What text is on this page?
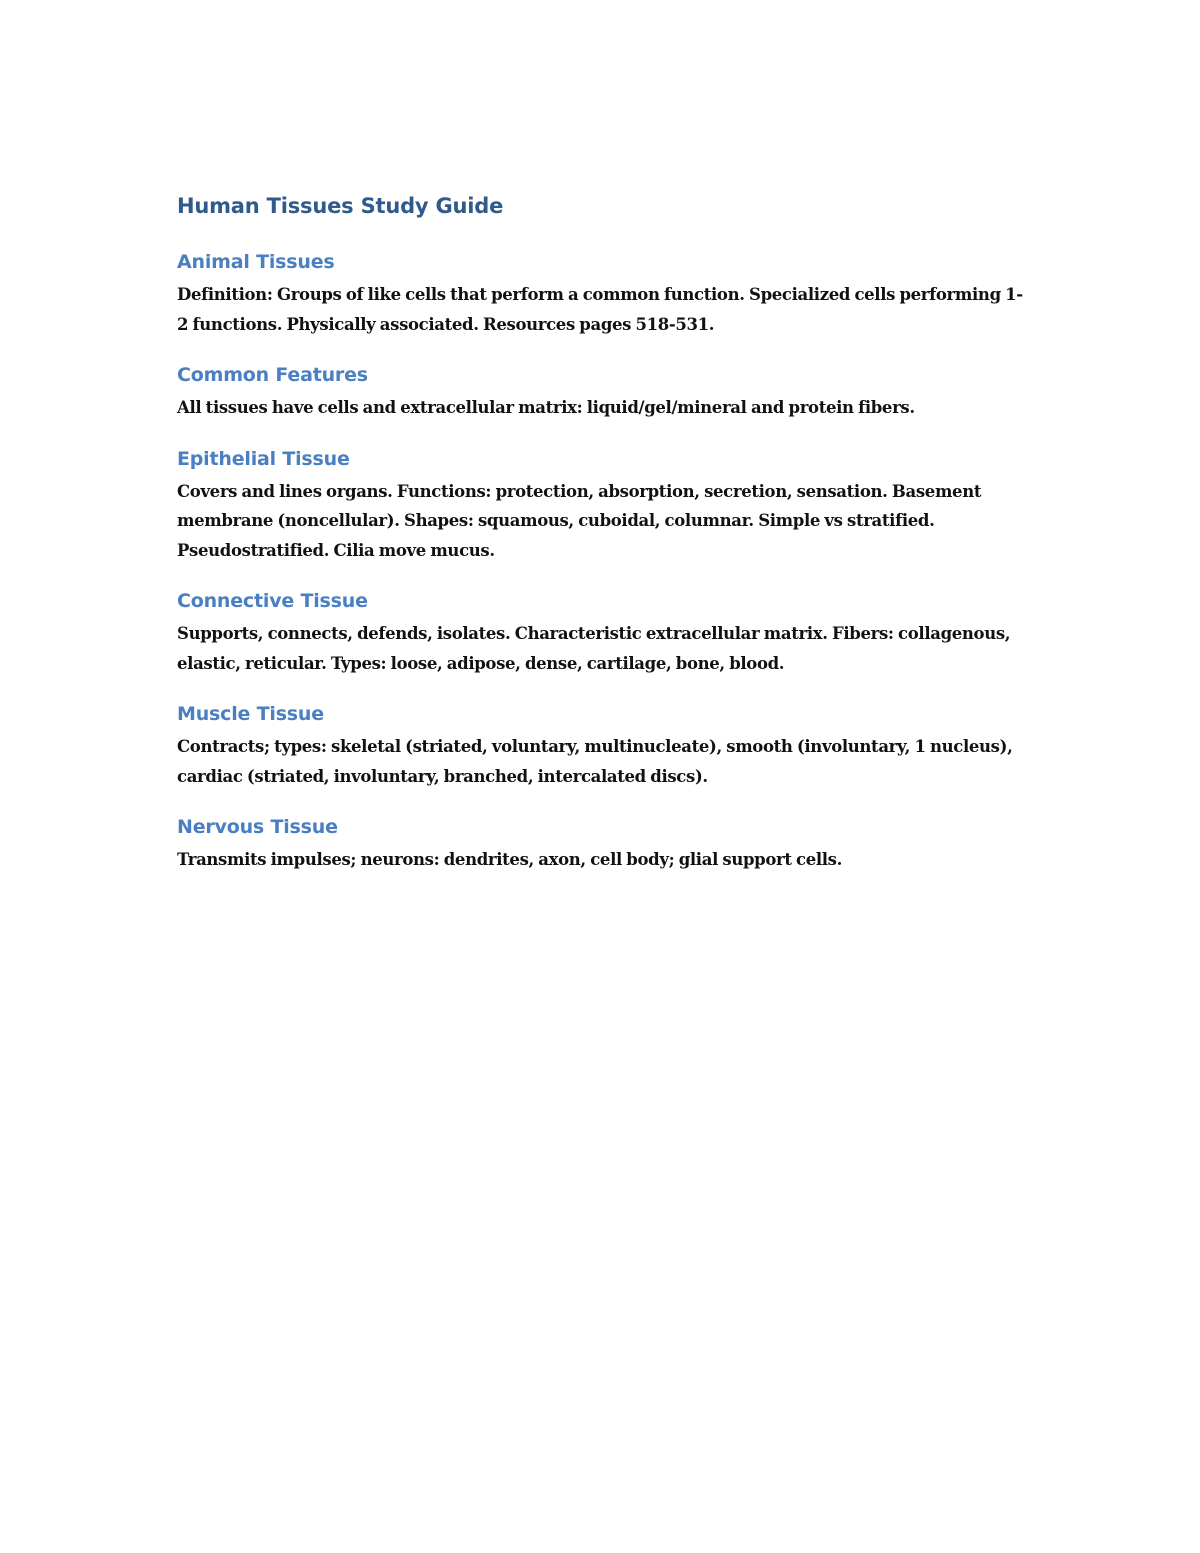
Human Tissues Study Guide
Animal Tissues

Definition: Groups of like cells that perform a common function. Specialized cells performing 1-2 functions. Physically associated. Resources pages 518-531.

Common Features

All tissues have cells and extracellular matrix: liquid/gel/mineral and protein fibers.

Epithelial Tissue

Covers and lines organs. Functions: protection, absorption, secretion, sensation. Basement membrane (noncellular). Shapes: squamous, cuboidal, columnar. Simple vs stratified. Pseudostratified. Cilia move mucus.

Connective Tissue

Supports, connects, defends, isolates. Characteristic extracellular matrix. Fibers: collagenous, elastic, reticular. Types: loose, adipose, dense, cartilage, bone, blood.

Muscle Tissue

Contracts; types: skeletal (striated, voluntary, multinucleate), smooth (involuntary, 1 nucleus), cardiac (striated, involuntary, branched, intercalated discs).

Nervous Tissue

Transmits impulses; neurons: dendrites, axon, cell body; glial support cells.
